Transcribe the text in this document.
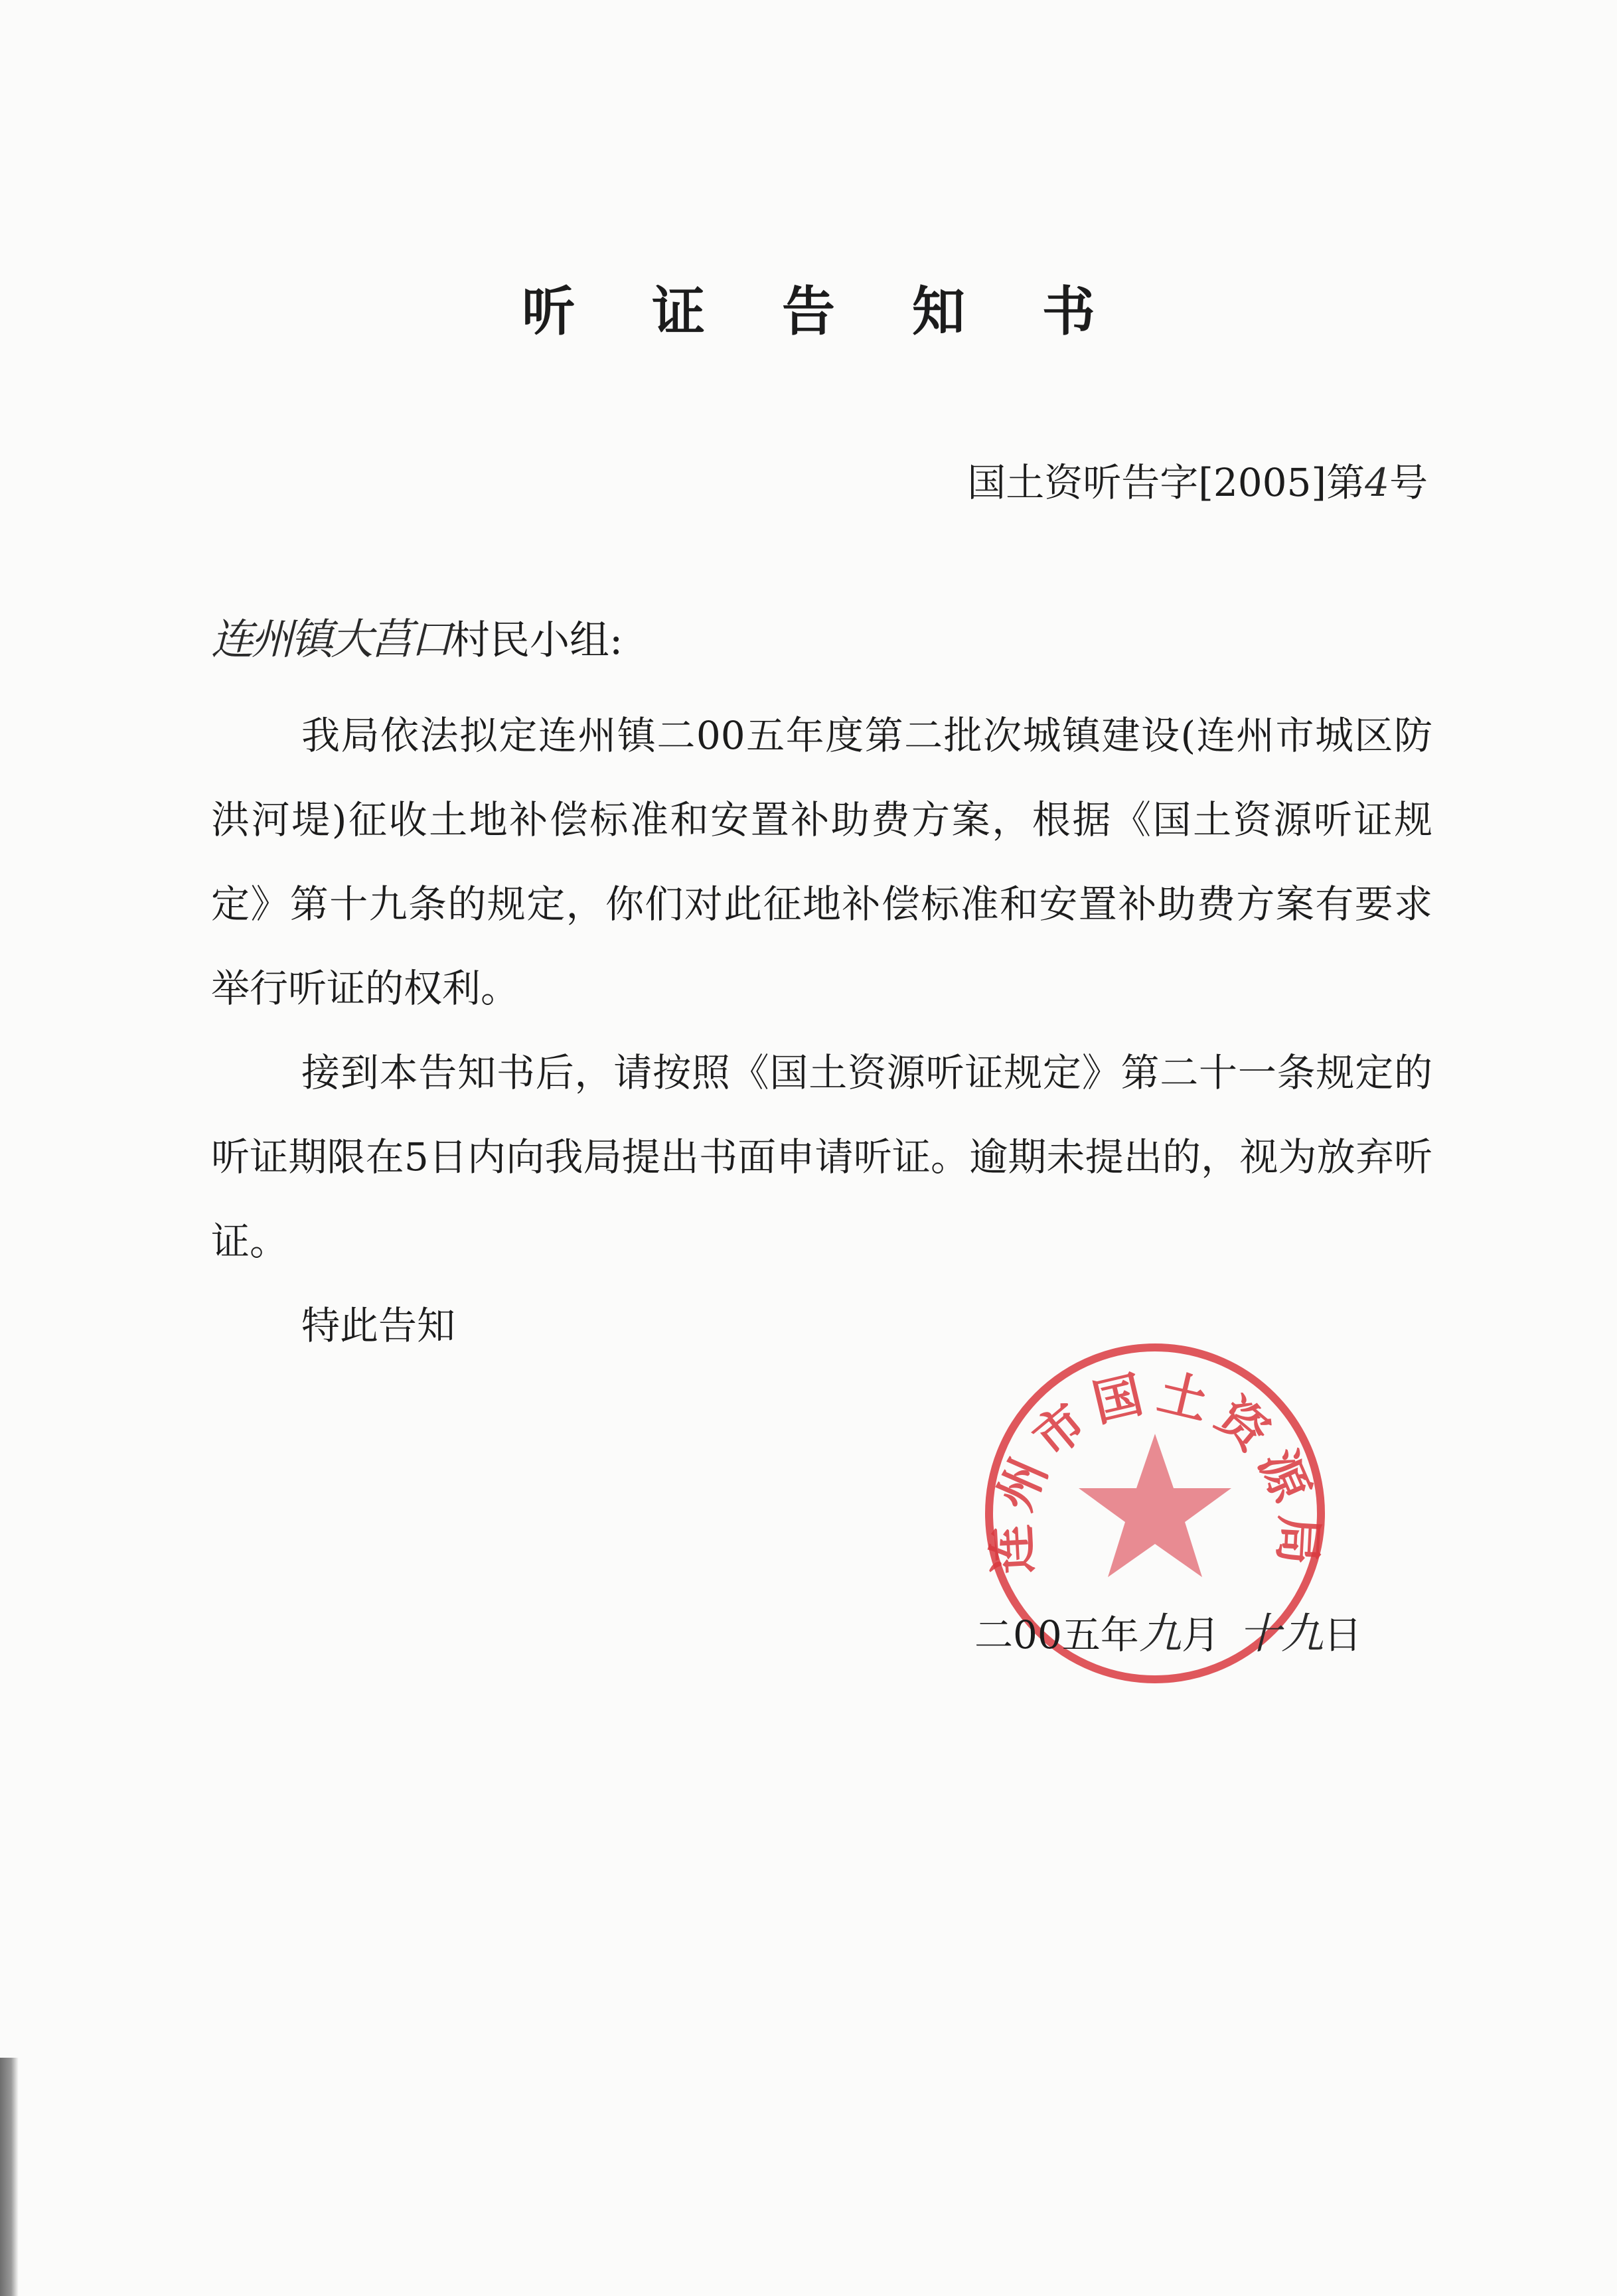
听 证 告 知 书
国土资听告字[2005]第4号
连州镇大莒口村民小组:

我局依法拟定连州镇二00五年度第二批次城镇建设(连州市城区防洪河堤)征收土地补偿标准和安置补助费方案，根据《国土资源听证规定》第十九条的规定，你们对此征地补偿标准和安置补助费方案有要求举行听证的权利。

接到本告知书后，请按照《国土资源听证规定》第二十一条规定的听证期限在5日内向我局提出书面申请听证。逾期未提出的，视为放弃听证。

特此告知

连州市国土资源局
二00五年九月 十九日
